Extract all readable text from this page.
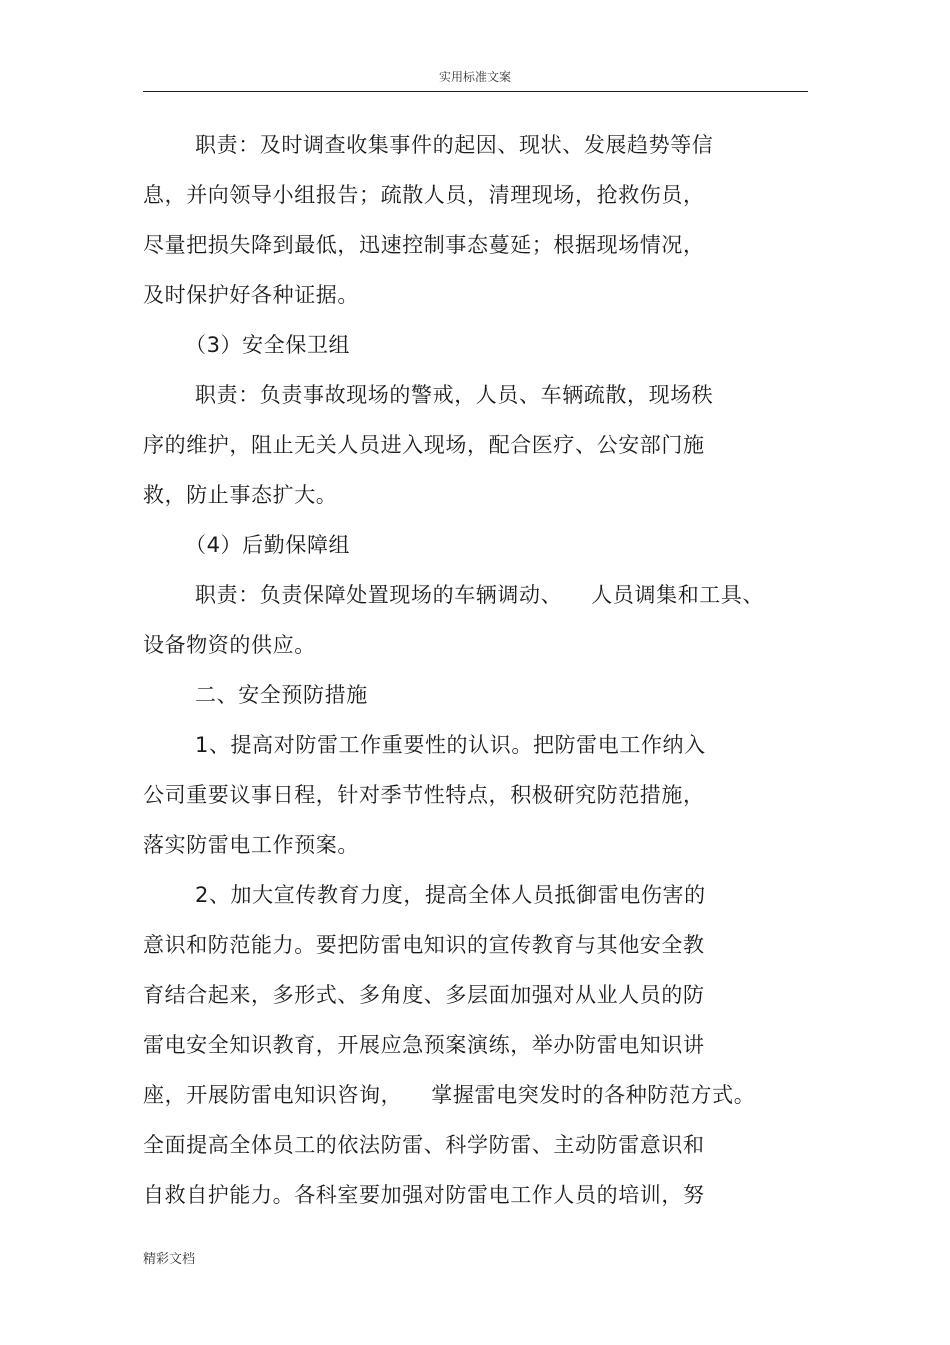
实用标准文案
职责：及时调查收集事件的起因、现状、发展趋势等信
息，并向领导小组报告；疏散人员，清理现场，抢救伤员，
尽量把损失降到最低，迅速控制事态蔓延；根据现场情况，
及时保护好各种证据。
（3）安全保卫组
职责：负责事故现场的警戒，人员、车辆疏散，现场秩
序的维护，阻止无关人员进入现场，配合医疗、公安部门施
救，防止事态扩大。
（4）后勤保障组
职责：负责保障处置现场的车辆调动、    人员调集和工具、
设备物资的供应。
二、安全预防措施
1、提高对防雷工作重要性的认识。把防雷电工作纳入
公司重要议事日程，针对季节性特点，积极研究防范措施，
落实防雷电工作预案。
2、加大宣传教育力度，提高全体人员抵御雷电伤害的
意识和防范能力。要把防雷电知识的宣传教育与其他安全教
育结合起来，多形式、多角度、多层面加强对从业人员的防
雷电安全知识教育，开展应急预案演练，举办防雷电知识讲
座，开展防雷电知识咨询，    掌握雷电突发时的各种防范方式。
全面提高全体员工的依法防雷、科学防雷、主动防雷意识和
自救自护能力。各科室要加强对防雷电工作人员的培训，努
精彩文档
